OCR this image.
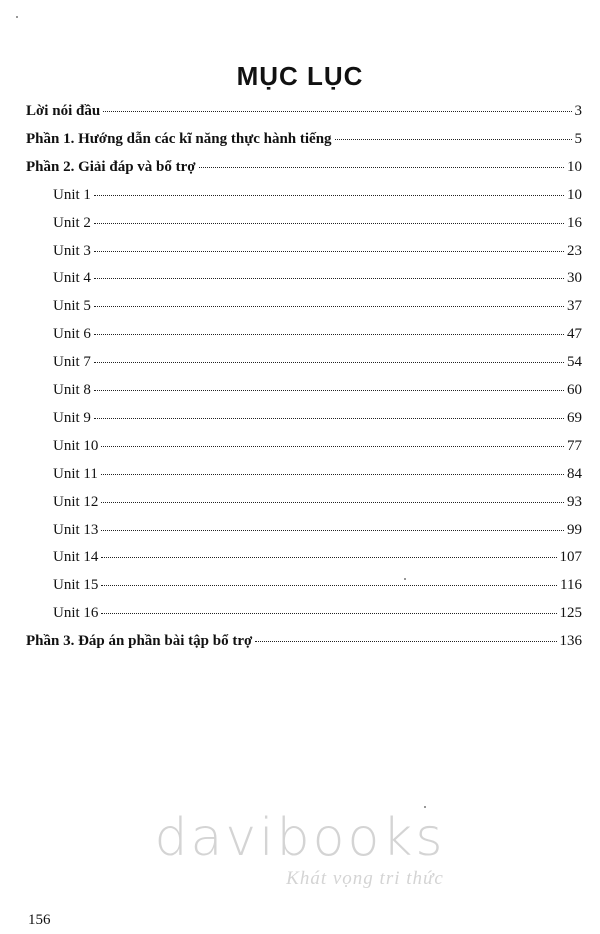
MỤC LỤC
Lời nói đầu	3
Phần 1. Hướng dẫn các kĩ năng thực hành tiếng	5
Phần 2. Giải đáp và bổ trợ	10
Unit 1	10
Unit 2	16
Unit 3	23
Unit 4	30
Unit 5	37
Unit 6	47
Unit 7	54
Unit 8	60
Unit 9	69
Unit 10	77
Unit 11	84
Unit 12	93
Unit 13	99
Unit 14	107
Unit 15	116
Unit 16	125
Phần 3. Đáp án phần bài tập bổ trợ	136
davibooks
Khát vọng tri thức
156
